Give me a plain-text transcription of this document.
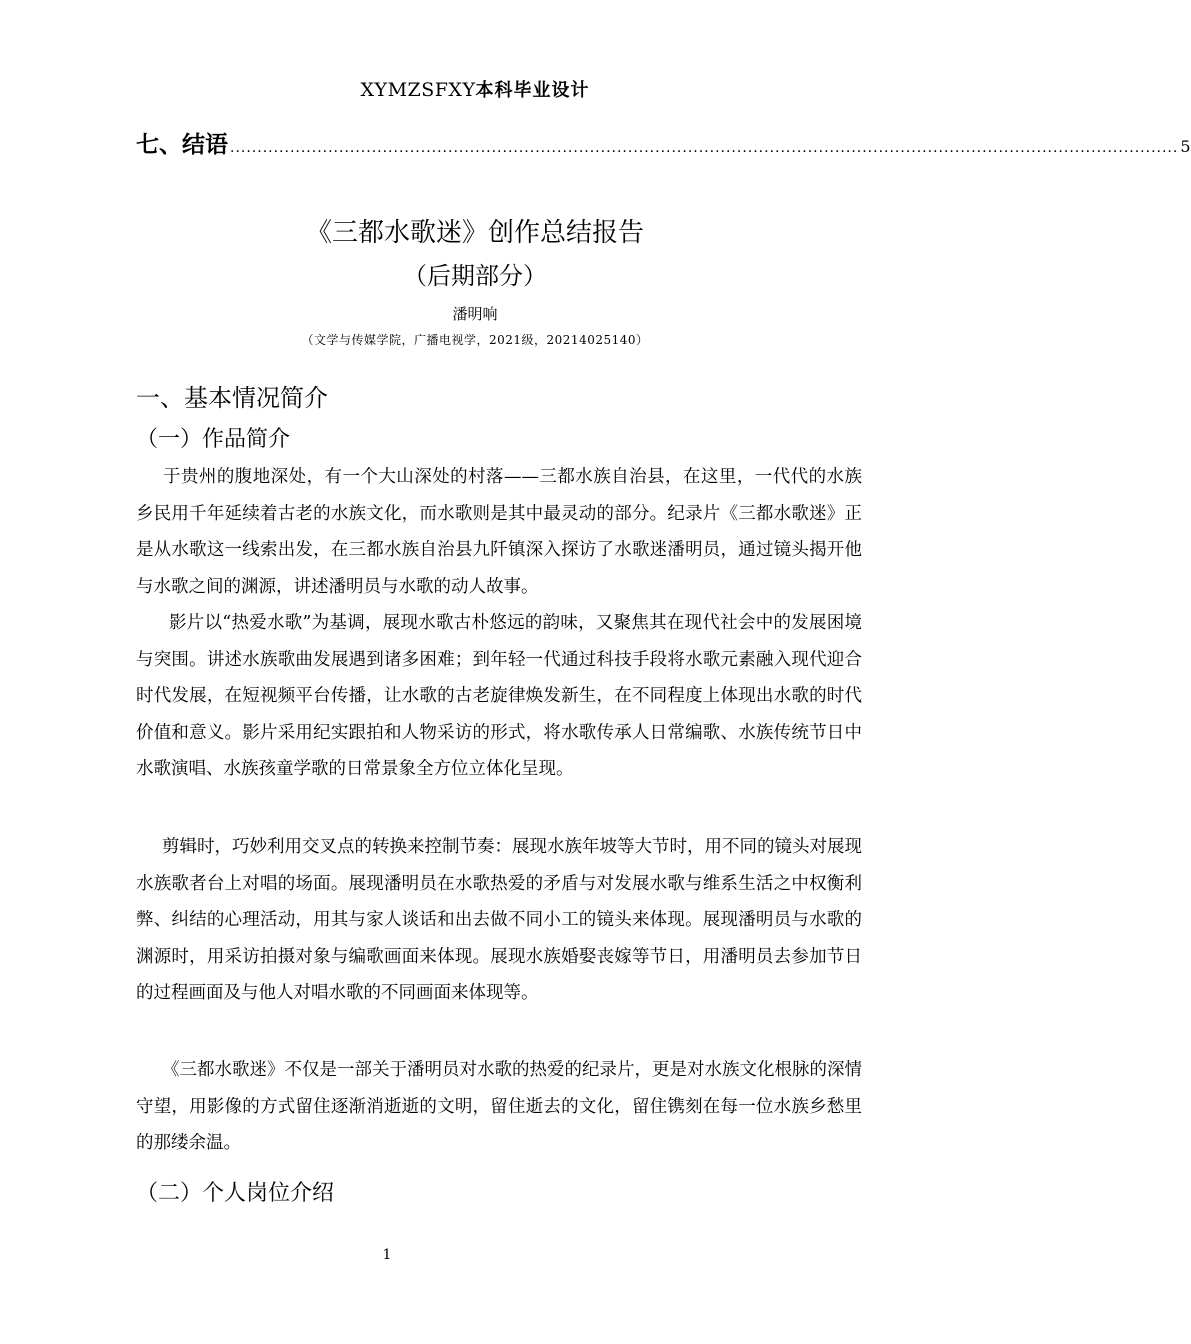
XYMZSFXY本科毕业设计
七、结语 .............................................................................................................................................................................. 5
《三都水歌迷》创作总结报告
（后期部分）
潘明响
（文学与传媒学院，广播电视学，2021级，20214025140）
一、基本情况简介
（一）作品简介

于贵州的腹地深处，有一个大山深处的村落——三都水族自治县，在这里，一代代的水族乡民用千年延续着古老的水族文化，而水歌则是其中最灵动的部分。纪录片《三都水歌迷》正是从水歌这一线索出发，在三都水族自治县九阡镇深入探访了水歌迷潘明员，通过镜头揭开他与水歌之间的渊源，讲述潘明员与水歌的动人故事。

影片以“热爱水歌”为基调，展现水歌古朴悠远的韵味，又聚焦其在现代社会中的发展困境与突围。讲述水族歌曲发展遇到诸多困难；到年轻一代通过科技手段将水歌元素融入现代迎合时代发展，在短视频平台传播，让水歌的古老旋律焕发新生，在不同程度上体现出水歌的时代价值和意义。影片采用纪实跟拍和人物采访的形式，将水歌传承人日常编歌、水族传统节日中水歌演唱、水族孩童学歌的日常景象全方位立体化呈现。

剪辑时，巧妙利用交叉点的转换来控制节奏：展现水族年坡等大节时，用不同的镜头对展现水族歌者台上对唱的场面。展现潘明员在水歌热爱的矛盾与对发展水歌与维系生活之中权衡利弊、纠结的心理活动，用其与家人谈话和出去做不同小工的镜头来体现。展现潘明员与水歌的渊源时，用采访拍摄对象与编歌画面来体现。展现水族婚娶丧嫁等节日，用潘明员去参加节日的过程画面及与他人对唱水歌的不同画面来体现等。

《三都水歌迷》不仅是一部关于潘明员对水歌的热爱的纪录片，更是对水族文化根脉的深情守望，用影像的方式留住逐渐消逝逝的文明，留住逝去的文化，留住镌刻在每一位水族乡愁里的那缕余温。

（二）个人岗位介绍
1
